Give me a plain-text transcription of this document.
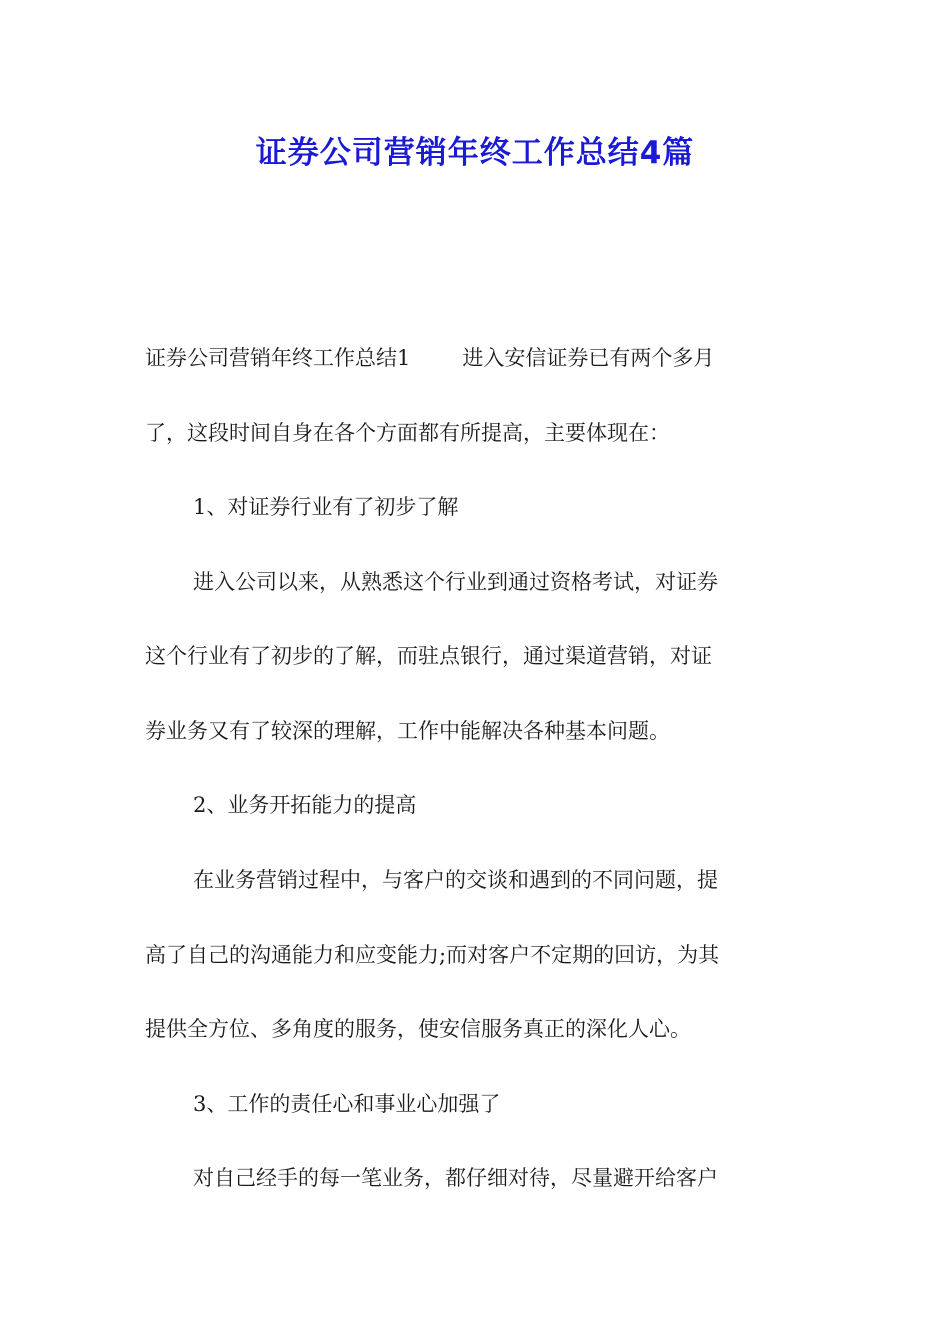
证券公司营销年终工作总结4篇

证券公司营销年终工作总结1 进入安信证券已有两个多月

了，这段时间自身在各个方面都有所提高，主要体现在：

1、对证券行业有了初步了解

进入公司以来，从熟悉这个行业到通过资格考试，对证券

这个行业有了初步的了解，而驻点银行，通过渠道营销，对证

券业务又有了较深的理解，工作中能解决各种基本问题。

2、业务开拓能力的提高

在业务营销过程中，与客户的交谈和遇到的不同问题，提

高了自己的沟通能力和应变能力;而对客户不定期的回访，为其

提供全方位、多角度的服务，使安信服务真正的深化人心。

3、工作的责任心和事业心加强了

对自己经手的每一笔业务，都仔细对待，尽量避开给客户
